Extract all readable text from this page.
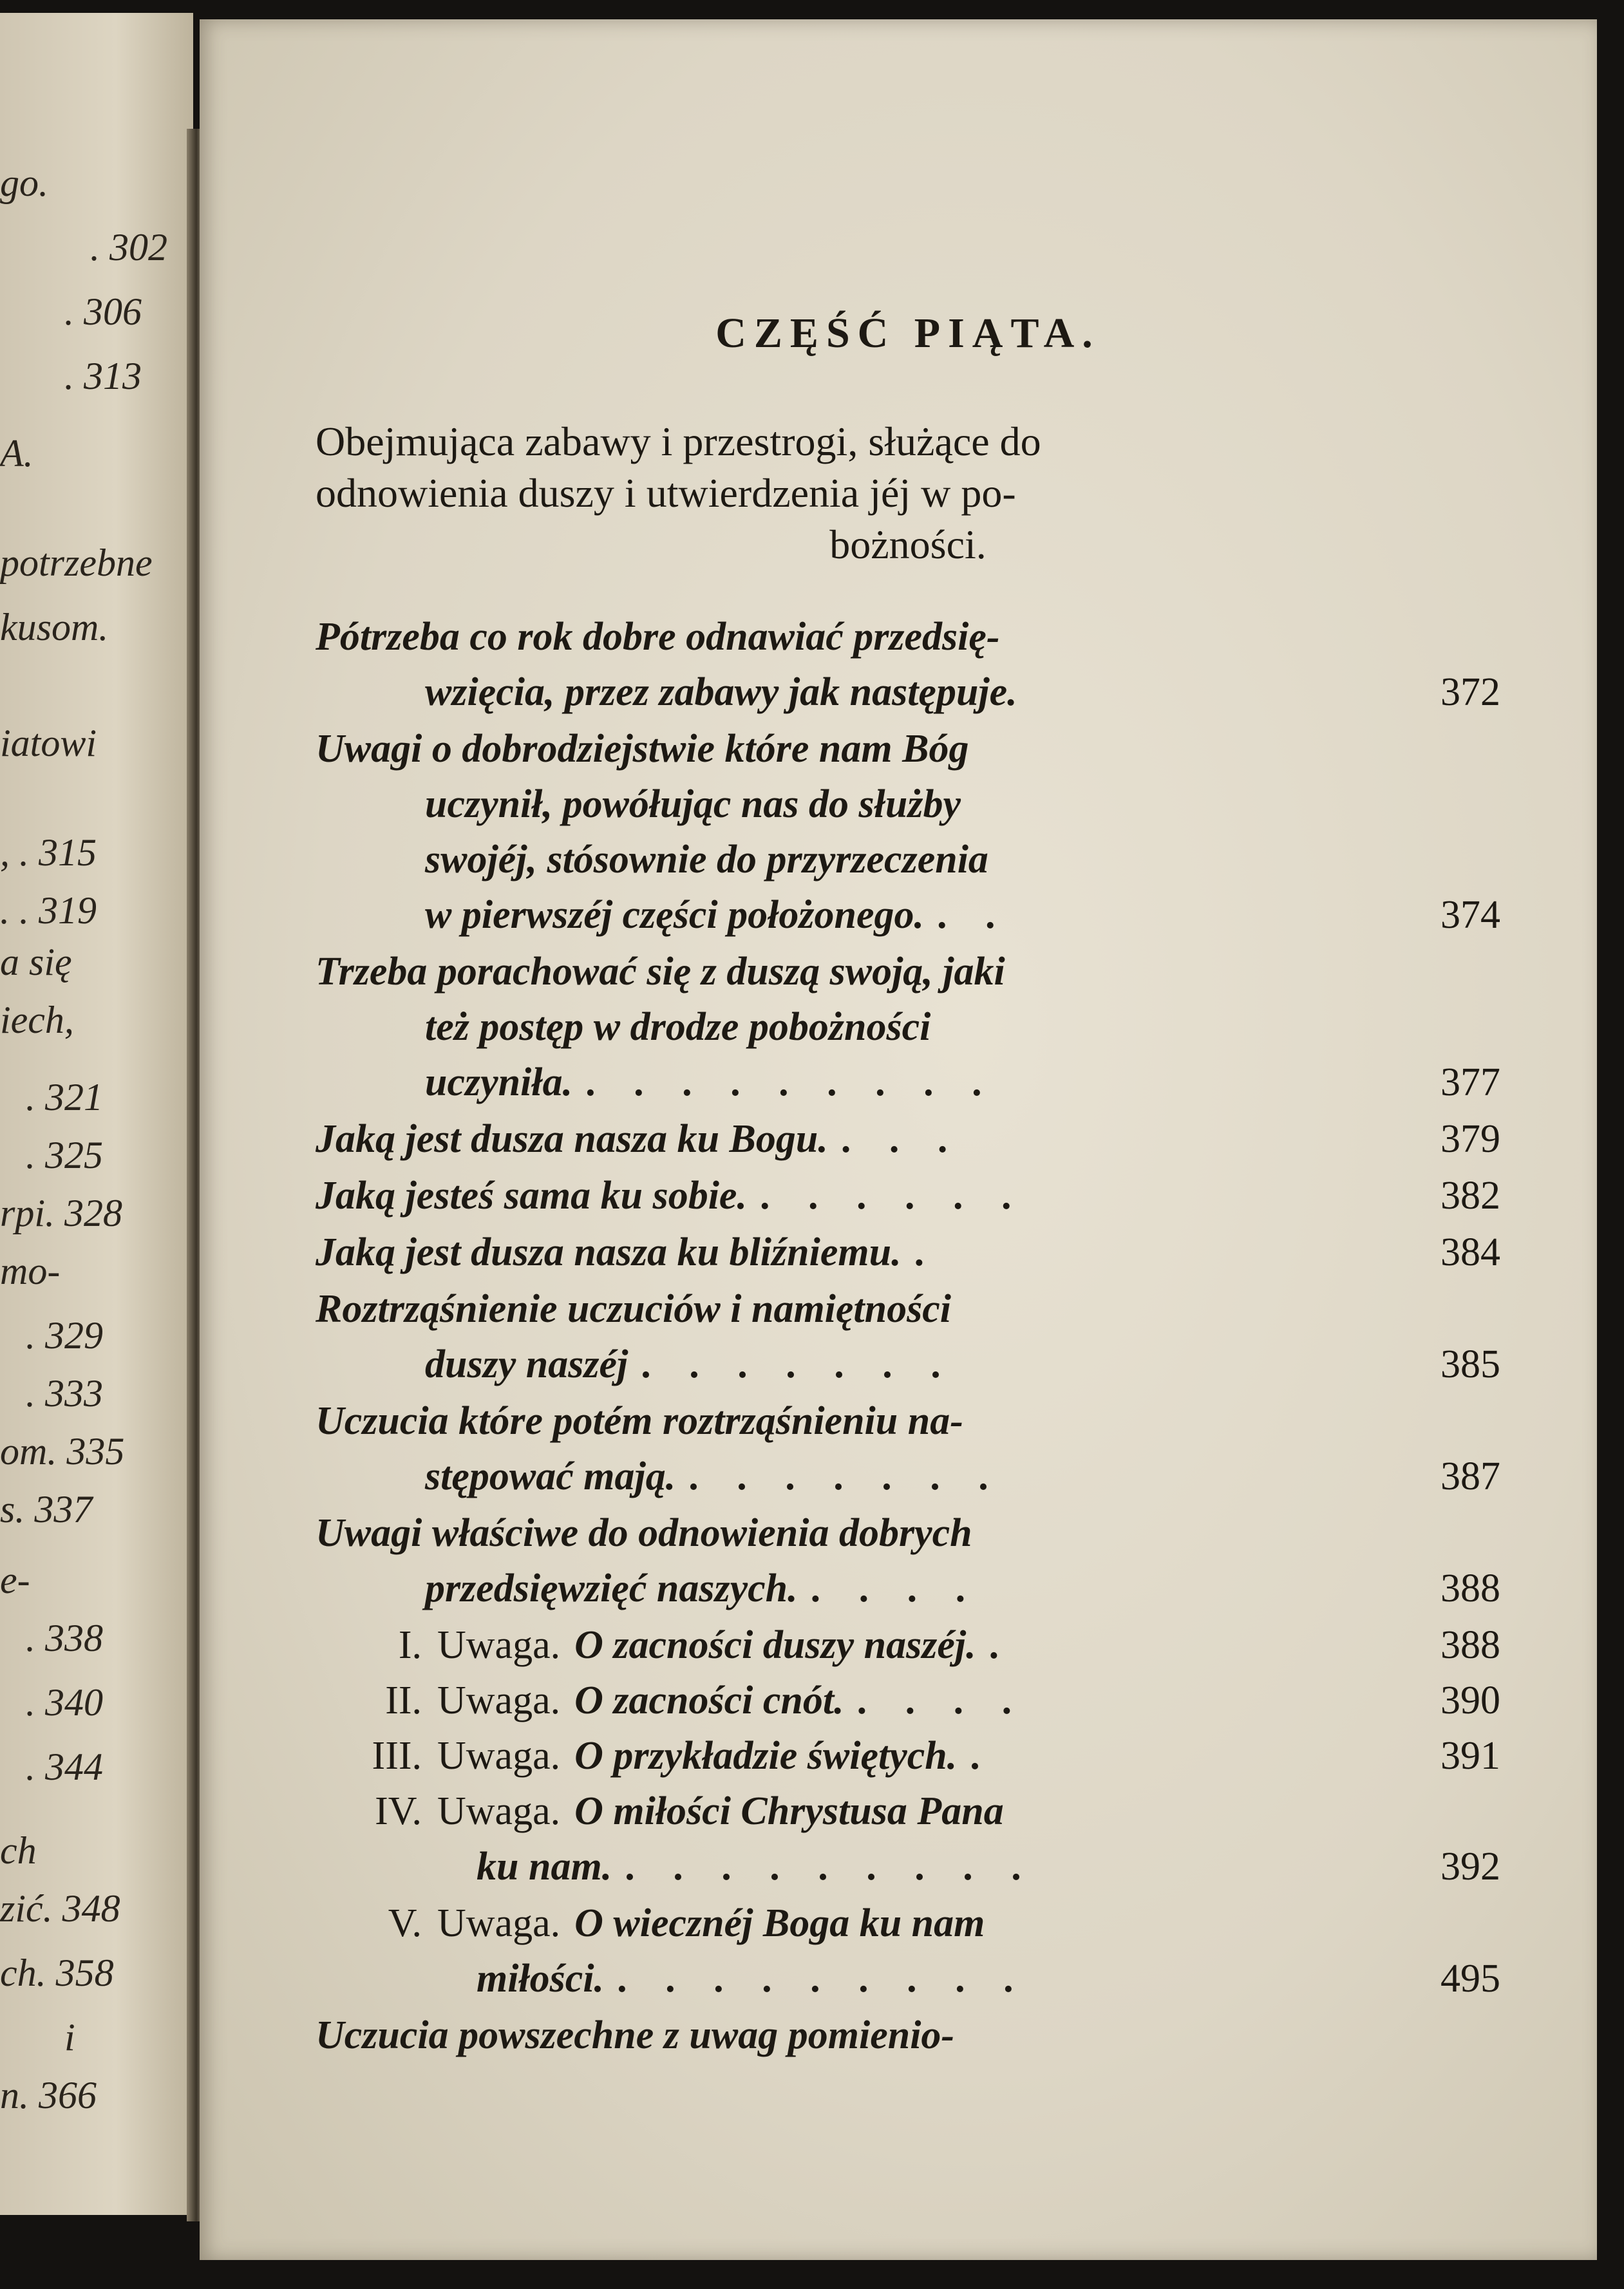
go.
. 302
. 306
. 313
A.
potrzebne
kusom.
iatowi
, . 315
. . 319
a się
iech,
. 321
. 325
rpi. 328
mo-
. 329
. 333
om. 335
s. 337
e-
. 338
. 340
. 344
ch
zić. 348
ch. 358
i
n. 366
CZĘŚĆ PIĄTA.
Obejmująca zabawy i przestrogi, służące do
odnowienia duszy i utwierdzenia jéj w po-
bożności.
Pótrzeba co rok dobre odnawiać przedsię-
wzięcia, przez zabawy jak następuje.	372
Uwagi o dobrodziejstwie które nam Bóg
uczynił, powółując nas do służby
swojéj, stósownie do przyrzeczenia
w pierwszéj części położonego. . .	374
Trzeba porachować się z duszą swoją, jaki
też postęp w drodze pobożności
uczyniła. . . . . . . . . .	377
Jaką jest dusza nasza ku Bogu. . . .	379
Jaką jesteś sama ku sobie. . . . . . .	382
Jaką jest dusza nasza ku bliźniemu. .	384
Roztrząśnienie uczuciów i namiętności
duszy naszéj . . . . . . .	385
Uczucia które potém roztrząśnieniu na-
stępować mają. . . . . . . .	387
Uwagi właściwe do odnowienia dobrych
przedsięwzięć naszych. . . . .	388
I. Uwaga. O zacności duszy naszéj. .	388
II. Uwaga. O zacności cnót. . . . .	390
III. Uwaga. O przykładzie świętych. .	391
IV. Uwaga. O miłości Chrystusa Pana
ku nam. . . . . . . . . .	392
V. Uwaga. O wiecznéj Boga ku nam
miłości. . . . . . . . . .	495
Uczucia powszechne z uwag pomienio-
